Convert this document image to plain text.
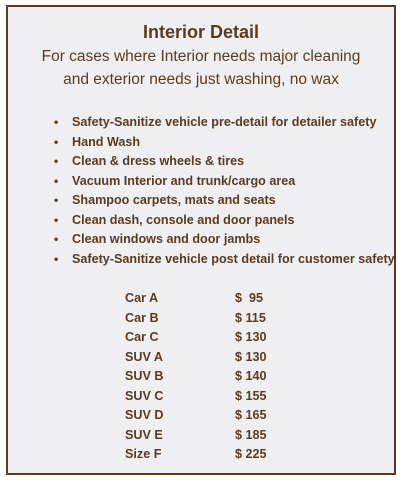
Interior Detail
For cases where Interior needs major cleaning
and exterior needs just washing, no wax
• Safety-Sanitize vehicle pre-detail for detailer safety
• Hand Wash
• Clean & dress wheels & tires
• Vacuum Interior and trunk/cargo area
• Shampoo carpets, mats and seats
• Clean dash, console and door panels
• Clean windows and door jambs
• Safety-Sanitize vehicle post detail for customer safety
Car A	$  95
Car B	$ 115
Car C	$ 130
SUV A	$ 130
SUV B	$ 140
SUV C	$ 155
SUV D	$ 165
SUV E	$ 185
Size F	$ 225
